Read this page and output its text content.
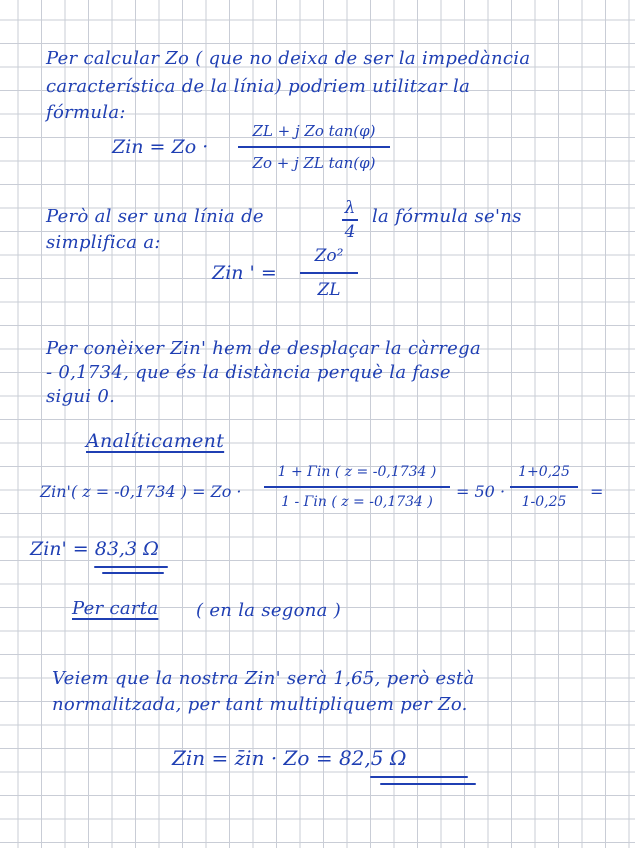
Per calcular Zo ( que no deixa de ser la impedància
característica de la línia) podriem utilitzar la
fórmula:
Zin = Zo ·
ZL + j Zo tan(φ)
Zo + j ZL tan(φ)
Però al ser una línia de	λ
4
la fórmula se'ns
simplifica a:
Zin ' =
Zo²
ZL
Per conèixer Zin' hem de desplaçar la càrrega
- 0,1734, que és la distància perquè la fase
sigui 0.
Analíticament
Zin'( z = -0,1734 ) = Zo ·
1 + Γin ( z = -0,1734 )
1 - Γin ( z = -0,1734 )
= 50 ·
1+0,25
1-0,25
=
Zin' = 83,3 Ω
Per carta ( en la segona )
Veiem que la nostra Zin' serà 1,65, però està
normalitzada, per tant multipliquem per Zo.
Zin = z̄in · Zo = 82,5 Ω
